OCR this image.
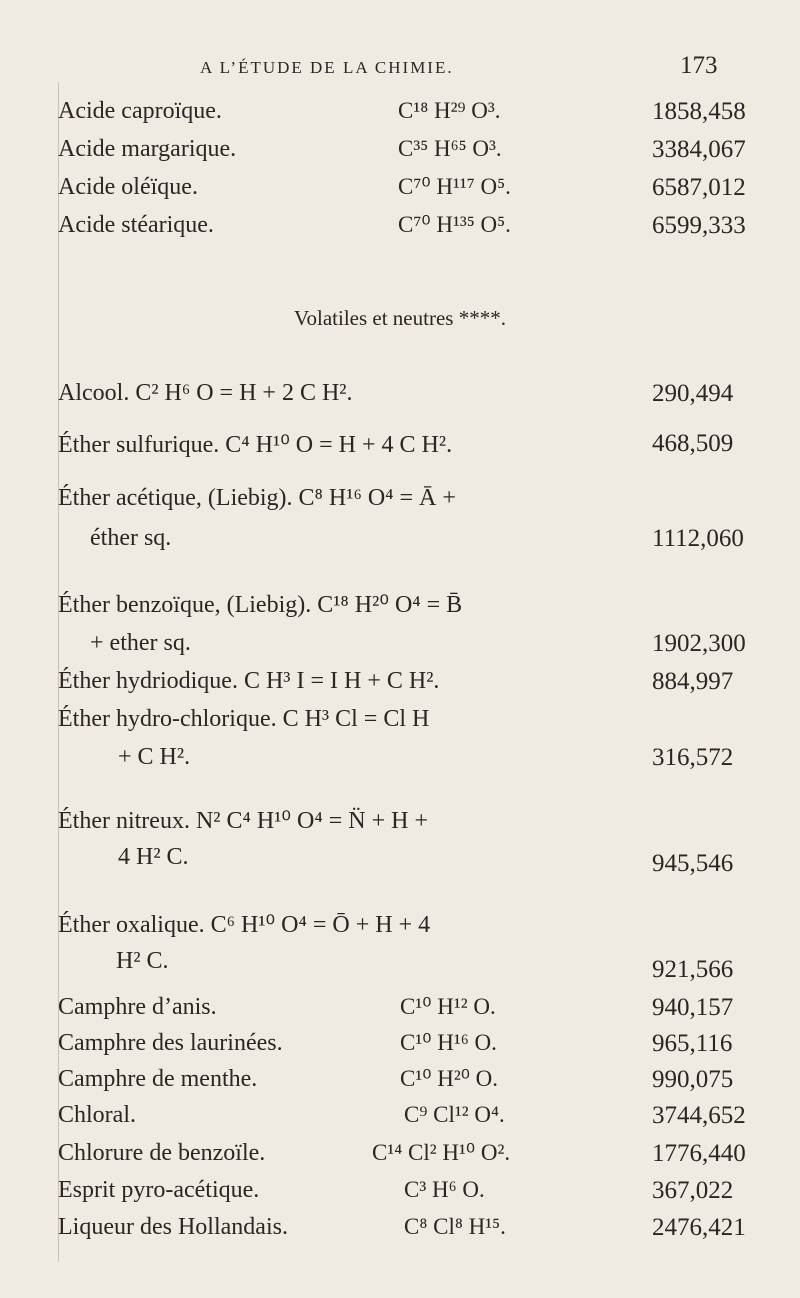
A L’ÉTUDE DE LA CHIMIE.	173
Acide caproïque.	C¹⁸ H²⁹ O³.	1858,458
Acide margarique.	C³⁵ H⁶⁵ O³.	3384,067
Acide oléïque.	C⁷⁰ H¹¹⁷ O⁵.	6587,012
Acide stéarique.	C⁷⁰ H¹³⁵ O⁵.	6599,333
Volatiles et neutres ****.
Alcool. C² H⁶ O = H + 2 C H².	290,494
Éther sulfurique. C⁴ H¹⁰ O = H + 4 C H².	468,509
Éther acétique, (Liebig). C⁸ H¹⁶ O⁴ = Ā +
éther sq.	1112,060
Éther benzoïque, (Liebig). C¹⁸ H²⁰ O⁴ = B̄
+ ether sq.	1902,300
Éther hydriodique. C H³ I = I H + C H².	884,997
Éther hydro-chlorique. C H³ Cl = Cl H
+ C H².	316,572
Éther nitreux. N² C⁴ H¹⁰ O⁴ = N̈ + H +
4 H² C.	945,546
Éther oxalique. C⁶ H¹⁰ O⁴ = Ō + H + 4
H² C.	921,566
Camphre d’anis.	C¹⁰ H¹² O.	940,157
Camphre des laurinées.	C¹⁰ H¹⁶ O.	965,116
Camphre de menthe.	C¹⁰ H²⁰ O.	990,075
Chloral.	C⁹ Cl¹² O⁴.	3744,652
Chlorure de benzoïle.	C¹⁴ Cl² H¹⁰ O².	1776,440
Esprit pyro-acétique.	C³ H⁶ O.	367,022
Liqueur des Hollandais.	C⁸ Cl⁸ H¹⁵.	2476,421
